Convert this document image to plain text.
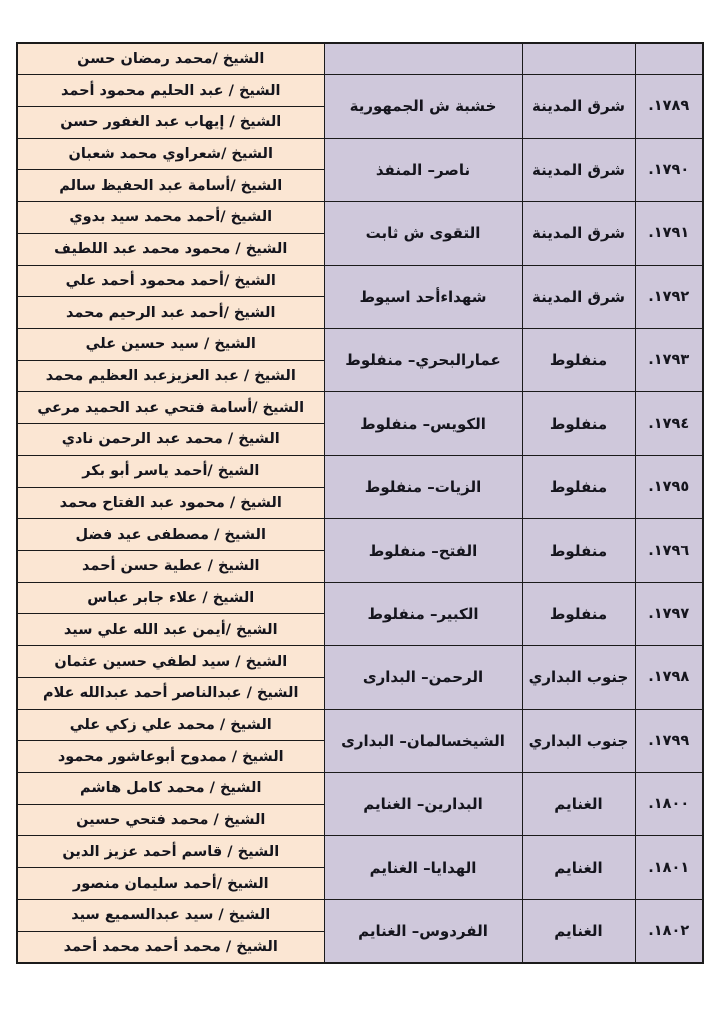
			الشيخ /محمد رمضان حسن
١٧٨٩.	شرق المدينة	خشبة ش الجمهورية	الشيخ / عبد الحليم محمود أحمد
			الشيخ / إيهاب عبد الغفور حسن
١٧٩٠.	شرق المدينة	ناصر– المنفذ	الشيخ /شعراوي محمد شعبان
			الشيخ /أسامة عبد الحفيظ سالم
١٧٩١.	شرق المدينة	التقوى ش ثابت	الشيخ /أحمد محمد سيد بدوي
			الشيخ / محمود محمد عبد اللطيف
١٧٩٢.	شرق المدينة	شهداءأحد اسيوط	الشيخ /أحمد محمود أحمد علي
			الشيخ /أحمد عبد الرحيم محمد
١٧٩٣.	منفلوط	عمارالبحري– منفلوط	الشيخ / سيد حسين علي
			الشيخ / عبد العزيزعبد العظيم محمد
١٧٩٤.	منفلوط	الكويس– منفلوط	الشيخ /أسامة فتحي عبد الحميد مرعي
			الشيخ / محمد عبد الرحمن نادي
١٧٩٥.	منفلوط	الزيات– منفلوط	الشيخ /أحمد ياسر أبو بكر
			الشيخ / محمود عبد الفتاح محمد
١٧٩٦.	منفلوط	الفتح– منفلوط	الشيخ / مصطفى عيد فضل
			الشيخ / عطية حسن أحمد
١٧٩٧.	منفلوط	الكبير– منفلوط	الشيخ / علاء جابر عباس
			الشيخ /أيمن عبد الله علي سيد
١٧٩٨.	جنوب البداري	الرحمن– البدارى	الشيخ / سيد لطفي حسين عثمان
			الشيخ / عبدالناصر أحمد عبدالله علام
١٧٩٩.	جنوب البداري	الشيخسالمان– البدارى	الشيخ / محمد علي زكي علي
			الشيخ / ممدوح أبوعاشور محمود
١٨٠٠.	الغنايم	البدارين– الغنايم	الشيخ / محمد كامل هاشم
			الشيخ / محمد فتحي حسين
١٨٠١.	الغنايم	الهدايا– الغنايم	الشيخ / قاسم أحمد عزيز الدين
			الشيخ /أحمد سليمان منصور
١٨٠٢.	الغنايم	الفردوس– الغنايم	الشيخ / سيد عبدالسميع سيد
			الشيخ / محمد أحمد محمد أحمد
